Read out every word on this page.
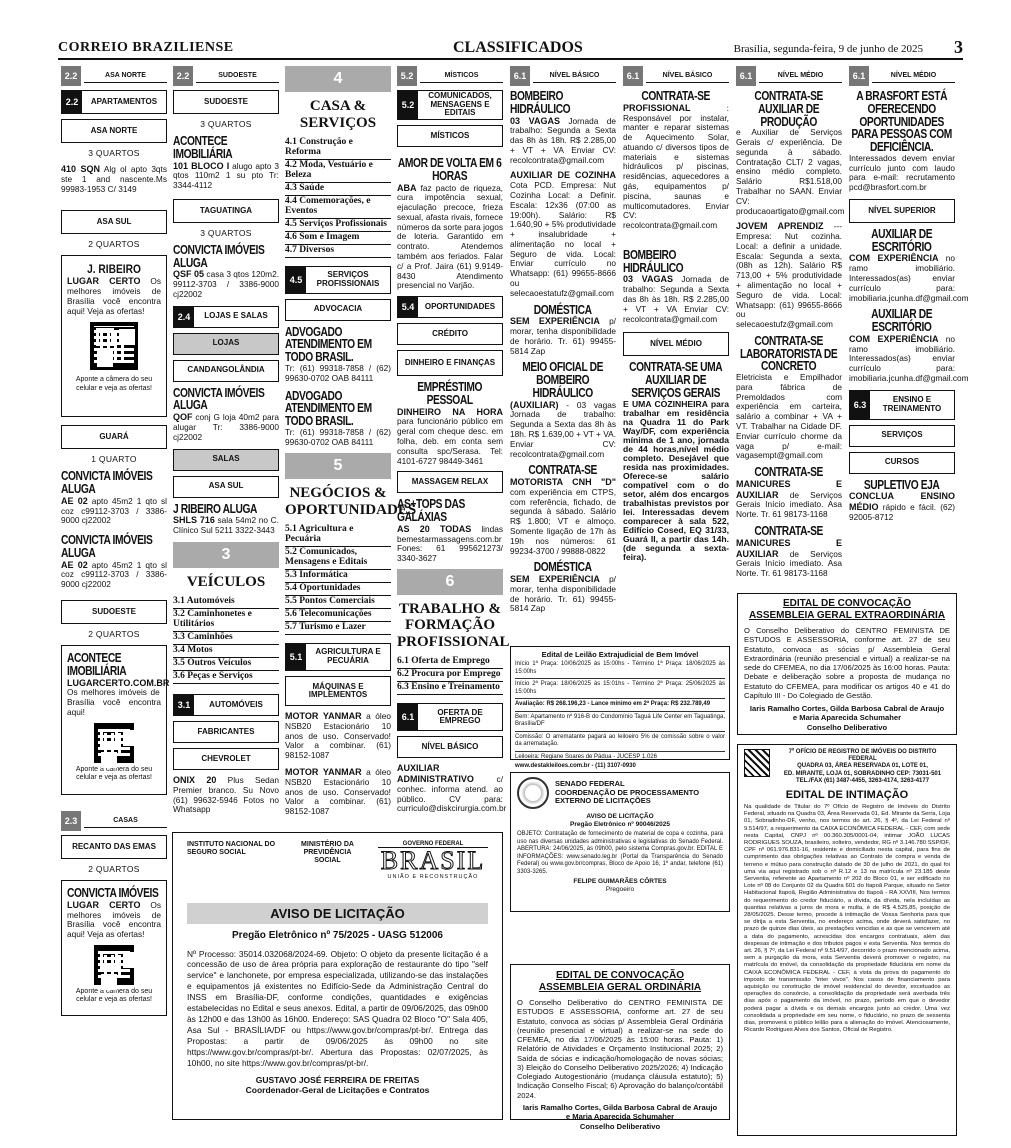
CORREIO BRAZILIENSE	CLASSIFICADOS	Brasília, segunda-feira, 9 de junho de 2025 3
2.2	ASA NORTE
2.2	APARTAMENTOS
ASA NORTE
3 QUARTOS
410 SQN Alg ol apto 3qts ste 1 and nascente.Ms 99983-1953 C/ 3149
ASA SUL
2 QUARTOS
J. RIBEIRO
LUGAR CERTO Os melhores imóveis de Brasília você encontra aqui! Veja as ofertas!
Aponte a câmera do seu celular e veja as ofertas!
GUARÁ
1 QUARTO
CONVICTA IMÓVEIS ALUGA
AE 02 apto 45m2 1 qto sl coz c99112-3703 / 3386-9000 cj22002
CONVICTA IMÓVEIS ALUGA
AE 02 apto 45m2 1 qto sl coz c99112-3703 / 3386-9000 cj22002
SUDOESTE
2 QUARTOS
ACONTECE IMOBILIÁRIA
LUGARCERTO.COM.BR Os melhores imóveis de Brasília você encontra aqui!
Aponte a câmera do seu celular e veja as ofertas!
2.3	CASAS
RECANTO DAS EMAS
2 QUARTOS
CONVICTA IMÓVEIS
LUGAR CERTO Os melhores imóveis de Brasília você encontra aqui! Veja as ofertas!
Aponte a câmera do seu celular e veja as ofertas!
2.2	SUDOESTE
SUDOESTE
3 QUARTOS
ACONTECE IMOBILIÁRIA
101 BLOCO I alugo apto 3 qtos 110m2 1 su pto Tr: 3344-4112
TAGUATINGA
3 QUARTOS
CONVICTA IMÓVEIS ALUGA
QSF 05 casa 3 qtos 120m2. 99112-3703 / 3386-9000 cj22002
2.4	LOJAS E SALAS
LOJAS
CANDANGOLÂNDIA
CONVICTA IMÓVEIS ALUGA
QOF conj G loja 40m2 para alugar Tr: 3386-9000 cj22002
SALAS
ASA SUL
J RIBEIRO ALUGA
SHLS 716 sala 54m2 no C. Clínico Sul 5211 3322-3443
3
VEÍCULOS
3.1 Automóveis
3.2 Caminhonetes e Utilitários
3.3 Caminhões
3.4 Motos
3.5 Outros Veículos
3.6 Peças e Serviços
3.1	AUTOMÓVEIS
FABRICANTES
CHEVROLET
ONIX 20 Plus Sedan Premier branco. Su Novo (61) 99632-5946 Fotos no Whatsapp
4
CASA & SERVIÇOS
4.1 Construção e Reforma
4.2 Moda, Vestuário e Beleza
4.3 Saúde
4.4 Comemorações, e Eventos
4.5 Serviços Profissionais
4.6 Som e Imagem
4.7 Diversos
4.5
SERVIÇOS PROFISSIONAIS
ADVOCACIA
ADVOGADO ATENDIMENTO EM TODO BRASIL.
Tr: (61) 99318-7858 / (62) 99630-0702 OAB 84111
ADVOGADO ATENDIMENTO EM TODO BRASIL.
Tr: (61) 99318-7858 / (62) 99630-0702 OAB 84111
5
NEGÓCIOS & OPORTUNIDADES
5.1 Agricultura e Pecuária
5.2 Comunicados, Mensagens e Editais
5.3 Informática
5.4 Oportunidades
5.5 Pontos Comerciais
5.6 Telecomunicações
5.7 Turismo e Lazer
5.1
AGRICULTURA E PECUÁRIA
MÁQUINAS E IMPLEMENTOS
MOTOR YANMAR a óleo NSB20 Estacionário 10 anos de uso. Conservado! Valor a combinar. (61) 98152-1087
MOTOR YANMAR a óleo NSB20 Estacionário 10 anos de uso. Conservado! Valor a combinar. (61) 98152-1087
5.2	MÍSTICOS
5.2
COMUNICADOS, MENSAGENS E EDITAIS
MÍSTICOS
AMOR DE VOLTA EM 6 HORAS
ABA faz pacto de riqueza, cura impotência sexual, ejaculação precoce, frieza sexual, afasta rivais, fornece números da sorte para jogos de loteria. Garantido em contrato. Atendemos também aos feriados. Falar c/ a Prof. Jaira (61) 9.9149-8430 Atendimento presencial no Varjão.
5.4	OPORTUNIDADES
CRÉDITO
DINHEIRO E FINANÇAS
EMPRÉSTIMO PESSOAL
DINHEIRO NA HORA para funcionário público em geral com cheque desc. em folha, deb. em conta sem consulta spc/Serasa. Tel: 4101-6727 98449-3461
MASSAGEM RELAX
AS+TOPS DAS GALÁXIAS
AS 20 TODAS lindas bemestarmassagens.com.br Fones: 61 995621273/ 3340-3627
6
TRABALHO & FORMAÇÃO PROFISSIONAL
6.1 Oferta de Emprego
6.2 Procura por Emprego
6.3 Ensino e Treinamento
6.1
OFERTA DE EMPREGO
NÍVEL BÁSICO
AUXILIAR ADMINISTRATIVO c/ conhec. informa atend. ao público. CV para: curriculo@diskcirurgia.com.br
6.1	NÍVEL BÁSICO
BOMBEIRO HIDRÁULICO
03 VAGAS Jornada de trabalho: Segunda a Sexta das 8h às 18h. R$ 2.285,00 + VT + VA Enviar CV: recolcontrata@gmail.com
AUXILIAR DE COZINHA Cota PCD. Empresa: Nut Cozinha Local: a Definir. Escala: 12x36 (07:00 as 19:00h). Salário: R$ 1.640,90 + 5% produtividade + insalubridade + alimentação no local + Seguro de vida. Local: Enviar currículo no Whatsapp: (61) 99655-8666 ou selecaoestatufz@gmail.com
DOMÉSTICA
SEM EXPERIÊNCIA p/ morar, tenha disponibilidade de horário. Tr. 61) 99455-5814 Zap
MEIO OFICIAL DE BOMBEIRO HIDRÁULICO
(AUXILIAR) - 03 vagas Jornada de trabalho: Segunda a Sexta das 8h às 18h. R$ 1.639,00 + VT + VA. Enviar CV: recolcontrata@gmail.com
CONTRATA-SE
MOTORISTA CNH "D" com experiência em CTPS, com referência, fichado, de segunda à sábado. Salário R$ 1.800; VT e almoço. Somente ligação de 17h às 19h nos números: 61 99234-3700 / 99888-0822
DOMÉSTICA
SEM EXPERIÊNCIA p/ morar, tenha disponibilidade de horário. Tr. 61) 99455-5814 Zap
6.1	NÍVEL BÁSICO
CONTRATA-SE
PROFISSIONAL : Responsável por instalar, manter e reparar sistemas de Aquecimento Solar, atuando c/ diversos tipos de materiais e sistemas hidráulicos p/ piscinas, residências, aquecedores a gás, equipamentos p/ piscina, saunas e multicomutadores. Enviar CV: recolcontrata@gmail.com
BOMBEIRO HIDRÁULICO
03 VAGAS Jornada de trabalho: Segunda a Sexta das 8h às 18h. R$ 2.285,00 + VT + VA Enviar CV: recolcontrata@gmail.com
NÍVEL MÉDIO
CONTRATA-SE UMA AUXILIAR DE SERVIÇOS GERAIS
E UMA COZINHEIRA para trabalhar em residência na Quadra 11 do Park Way/DF, com experiência mínima de 1 ano, jornada de 44 horas,nível médio completo. Desejável que resida nas proximidades. Oferece-se salário compatível com o do setor, além dos encargos trabalhistas previstos por lei. Interessadas devem comparecer à sala 522, Edifício Cosed, EQ 31/33, Guará II, a partir das 14h. (de segunda a sexta-feira).
6.1	NÍVEL MÉDIO
CONTRATA-SE AUXILIAR DE PRODUÇÃO
e Auxiliar de Serviços Gerais c/ experiência. De segunda à sábado. Contratação CLT/ 2 vagas, ensino médio completo. Salário R$1.518,00 Trabalhar no SAAN. Enviar CV: producaoartigato@gmail.com
JOVEM APRENDIZ --- Empresa: Nut cozinha. Local: a definir a unidade. Escala: Segunda a sexta, (08h as 12h). Salário R$ 713,00 + 5% produtividade + alimentação no local + Seguro de vida. Local: Whatsapp: (61) 99655-8666 ou selecaoestufz@gmail.com
CONTRATA-SE LABORATORISTA DE CONCRETO
Eletricista e Empilhador para fábrica de Premoldados com experiência em carteira, salário a combinar + VA + VT. Trabalhar na Cidade DF. Enviar currículo chorme da vaga p/ e-mail: vagasempt@gmail.com
CONTRATA-SE
MANICURES E AUXILIAR de Serviços Gerais Início imediato. Asa Norte. Tr. 61 98173-1168
CONTRATA-SE
MANICURES E AUXILIAR de Serviços Gerais Início imediato. Asa Norte. Tr. 61 98173-1168
6.1	NÍVEL MÉDIO
A BRASFORT ESTÁ OFERECENDO OPORTUNIDADES PARA PESSOAS COM DEFICIÊNCIA.
Interessados devem enviar currículo junto com laudo para e-mail: recrutamento pcd@brasfort.com.br
NÍVEL SUPERIOR
AUXILIAR DE ESCRITÓRIO
COM EXPERIÊNCIA no ramo imobiliário. Interessados(as) enviar currículo para: imobiliaria.jcunha.df@gmail.com
AUXILIAR DE ESCRITÓRIO
COM EXPERIÊNCIA no ramo imobiliário. Interessados(as) enviar currículo para: imobiliaria.jcunha.df@gmail.com
6.3
ENSINO E TREINAMENTO
SERVIÇOS
CURSOS
SUPLETIVO EJA
CONCLUA ENSINO MÉDIO rápido e fácil. (62) 92005-8712
EDITAL DE CONVOCAÇÃO
ASSEMBLEIA GERAL EXTRAORDINÁRIA
O Conselho Deliberativo do CENTRO FEMINISTA DE ESTUDOS E ASSESSORIA, conforme art. 27 de seu Estatuto, convoca as sócias p/ Assembleia Geral Extraordinária (reunião presencial e virtual) a realizar-se na sede do CFEMEA, no dia 17/06/2025 às 16:00 horas. Pauta: Debate e deliberação sobre a proposta de mudança no Estatuto do CFEMEA, para modificar os artigos 40 e 41 do Capítulo III - Do Colegiado de Gestão.
Iaris Ramalho Cortes, Gilda Barbosa Cabral de Araujo
e Maria Aparecida Schumaher
Conselho Deliberativo
Edital de Leilão Extrajudicial de Bem Imóvel
Início 1ª Praça: 10/06/2025 às 15:00hs - Término 1ª Praça: 18/06/2025 às 15:00hs
Início 2ª Praça: 18/06/2025 às 15:01hs - Término 2ª Praça: 25/06/2025 às 15:00hs
Avaliação: R$ 268.196,23 - Lance mínimo em 2ª Praça: R$ 232.789,49
Bem: Apartamento nº 916-B do Condomínio Taguá Life Center em Taguatinga, Brasília/DF
Comissão: O arrematante pagará ao leiloeiro 5% de comissão sobre o valor da arrematação.
Leiloeira: Regiane Soares de Pádua - JUCESP 1.026
www.destakleiloes.com.br - (11) 3107-0930
SENADO FEDERAL
COORDENAÇÃO DE PROCESSAMENTO
EXTERNO DE LICITAÇÕES
AVISO DE LICITAÇÃO
Pregão Eletrônico nº 90046/2025
OBJETO: Contratação de fornecimento de material de copa e cozinha, para uso nas diversas unidades administrativas e legislativas do Senado Federal. ABERTURA: 24/06/2025, às 09h00, pelo sistema Compras.gov.br. EDITAL E INFORMAÇÕES: www.senado.leg.br (Portal da Transparência do Senado Federal) ou www.gov.br/compras, Bloco de Apoio 16, 1º andar, telefone (61) 3303-3265.
FELIPE GUIMARÃES CÔRTES
Pregoeiro
INSTITUTO NACIONAL DO SEGURO SOCIAL
MINISTÉRIO DA PREVIDÊNCIA SOCIAL
GOVERNO FEDERAL
BRASIL
UNIÃO E RECONSTRUÇÃO
AVISO DE LICITAÇÃO
Pregão Eletrônico nº 75/2025 - UASG 512006
Nº Processo: 35014.032068/2024-69. Objeto: O objeto da presente licitação é a concessão de uso de área própria para exploração de restaurante do tipo "self service" e lanchonete, por empresa especializada, utilizando-se das instalações e equipamentos já existentes no Edifício-Sede da Administração Central do INSS em Brasília-DF, conforme condições, quantidades e exigências estabelecidas no Edital e seus anexos. Edital, a partir de 09/06/2025, das 09h00 às 12h00 e das 13h00 às 16h00. Endereço: SAS Quadra 02 Bloco "O" Sala 405, Asa Sul - BRASÍLIA/DF ou https://www.gov.br/compras/pt-br/. Entrega das Propostas: a partir de 09/06/2025 às 09h00 no site https://www.gov.br/compras/pt-br/. Abertura das Propostas: 02/07/2025, às 10h00, no site https://www.gov.br/compras/pt-br/.
GUSTAVO JOSÉ FERREIRA DE FREITAS
Coordenador-Geral de Licitações e Contratos
EDITAL DE CONVOCAÇÃO
ASSEMBLEIA GERAL ORDINÁRIA
O Conselho Deliberativo do CENTRO FEMINISTA DE ESTUDOS E ASSESSORIA, conforme art. 27 de seu Estatuto, convoca as sócias p/ Assembleia Geral Ordinária (reunião presencial e virtual) a realizar-se na sede do CFEMEA, no dia 17/06/2025 às 15:00 horas. Pauta: 1) Relatório de Atividades e Orçamento Institucional 2025; 2) Saída de sócias e indicação/homologação de novas sócias; 3) Eleição do Conselho Deliberativo 2025/2026; 4) Indicação Colegiado Autogestionário (mudança cláusula estatuto); 5) Indicação Conselho Fiscal; 6) Aprovação do balanço/contábil 2024.
Iaris Ramalho Cortes, Gilda Barbosa Cabral de Araujo
e Maria Aparecida Schumaher
Conselho Deliberativo
7º OFÍCIO DE REGISTRO DE IMÓVEIS DO DISTRITO FEDERAL
QUADRA 03, ÁREA RESERVADA 01, LOTE 01,
ED. MIRANTE, LOJA 01, SOBRADINHO CEP: 73031-501
TEL./FAX (61) 3487-4455, 3263-4174, 3263-4177
EDITAL DE INTIMAÇÃO
Na qualidade de Titular do 7º Ofício de Registro de Imóveis do Distrito Federal, situado na Quadra 03, Área Reservada 01, Ed. Mirante da Serra, Loja 01, Sobradinho-DF, venho, nos termos do art. 26, § 4º, da Lei Federal nº 9.514/97, a requerimento da CAIXA ECONÔMICA FEDERAL - CEF, com sede nesta Capital, CNPJ nº 00.360.305/0001-04, intimar JOÃO LUCAS RODRIGUES SOUZA, brasileiro, solteiro, vendedor, RG nº 3.146.780 SSP/DF, CPF nº 061.976.831-16, residente e domiciliado nesta capital, para fins de cumprimento das obrigações relativas ao Contrato de compra e venda de terreno e mútuo para construção datado de 30 de julho de 2021, do qual foi uma via aqui registrado sob o nº R.12 e 13 na matrícula nº 23.185 deste Serventia, referente ao Apartamento nº 202 do Bloco 01, e ser edificado no Lote nº 08 do Conjunto 02 da Quadra 601 do Itapoã Parque, situado no Setor Habitacional Itapoã, Região Administrativa do Itapoã - RA XXVIII, Nos termos do requerimento do credor fiduciário, a dívida, da dívida, nela incluídas as quantias relativas a juros de mora e multa, é de R$ 4.525,85, posição de 28/05/2025. Desse termo, procede à intimação de Vossa Senhoria para que se dirija a esta Serventia, no endereço acima, onde deverá satisfazer, no prazo de quinze dias úteis, as prestações vencidas e as que se vencerem até a data do pagamento, acrescidas dos encargos contratuais, além das despesas de intimação e dos tributos pagos e esta Serventia. Nos termos do art. 26, § 7º, da Lei Federal nº 9.514/97, decorrido o prazo mencionado acima, sem a purgação da mora, esta Serventia deverá promover o registro, na matrícula do imóvel, da consolidação da propriedade fiduciária em nome da CAIXA ECONÔMICA FEDERAL - CEF, à vista da prova do pagamento do imposto de transmissão "inter vivos". Nos casos de financiamento para aquisição ou construção de imóvel residencial do devedor, excetuados as operações do consórcio, a consolidação da propriedade será averbada três dias após o pagamento da imóvel, no prazo, período em que o devedor poderá pagar a dívida e os demais encargos junto ao credor. Uma vez consolidada a propriedade em seu nome, o fiduciário, no prazo de sessenta dias, promoverá o público leilão para a alienação do imóvel. Atenciosamente, Ricardo Rodrigues Alves dos Santos, Oficial de Registro.
